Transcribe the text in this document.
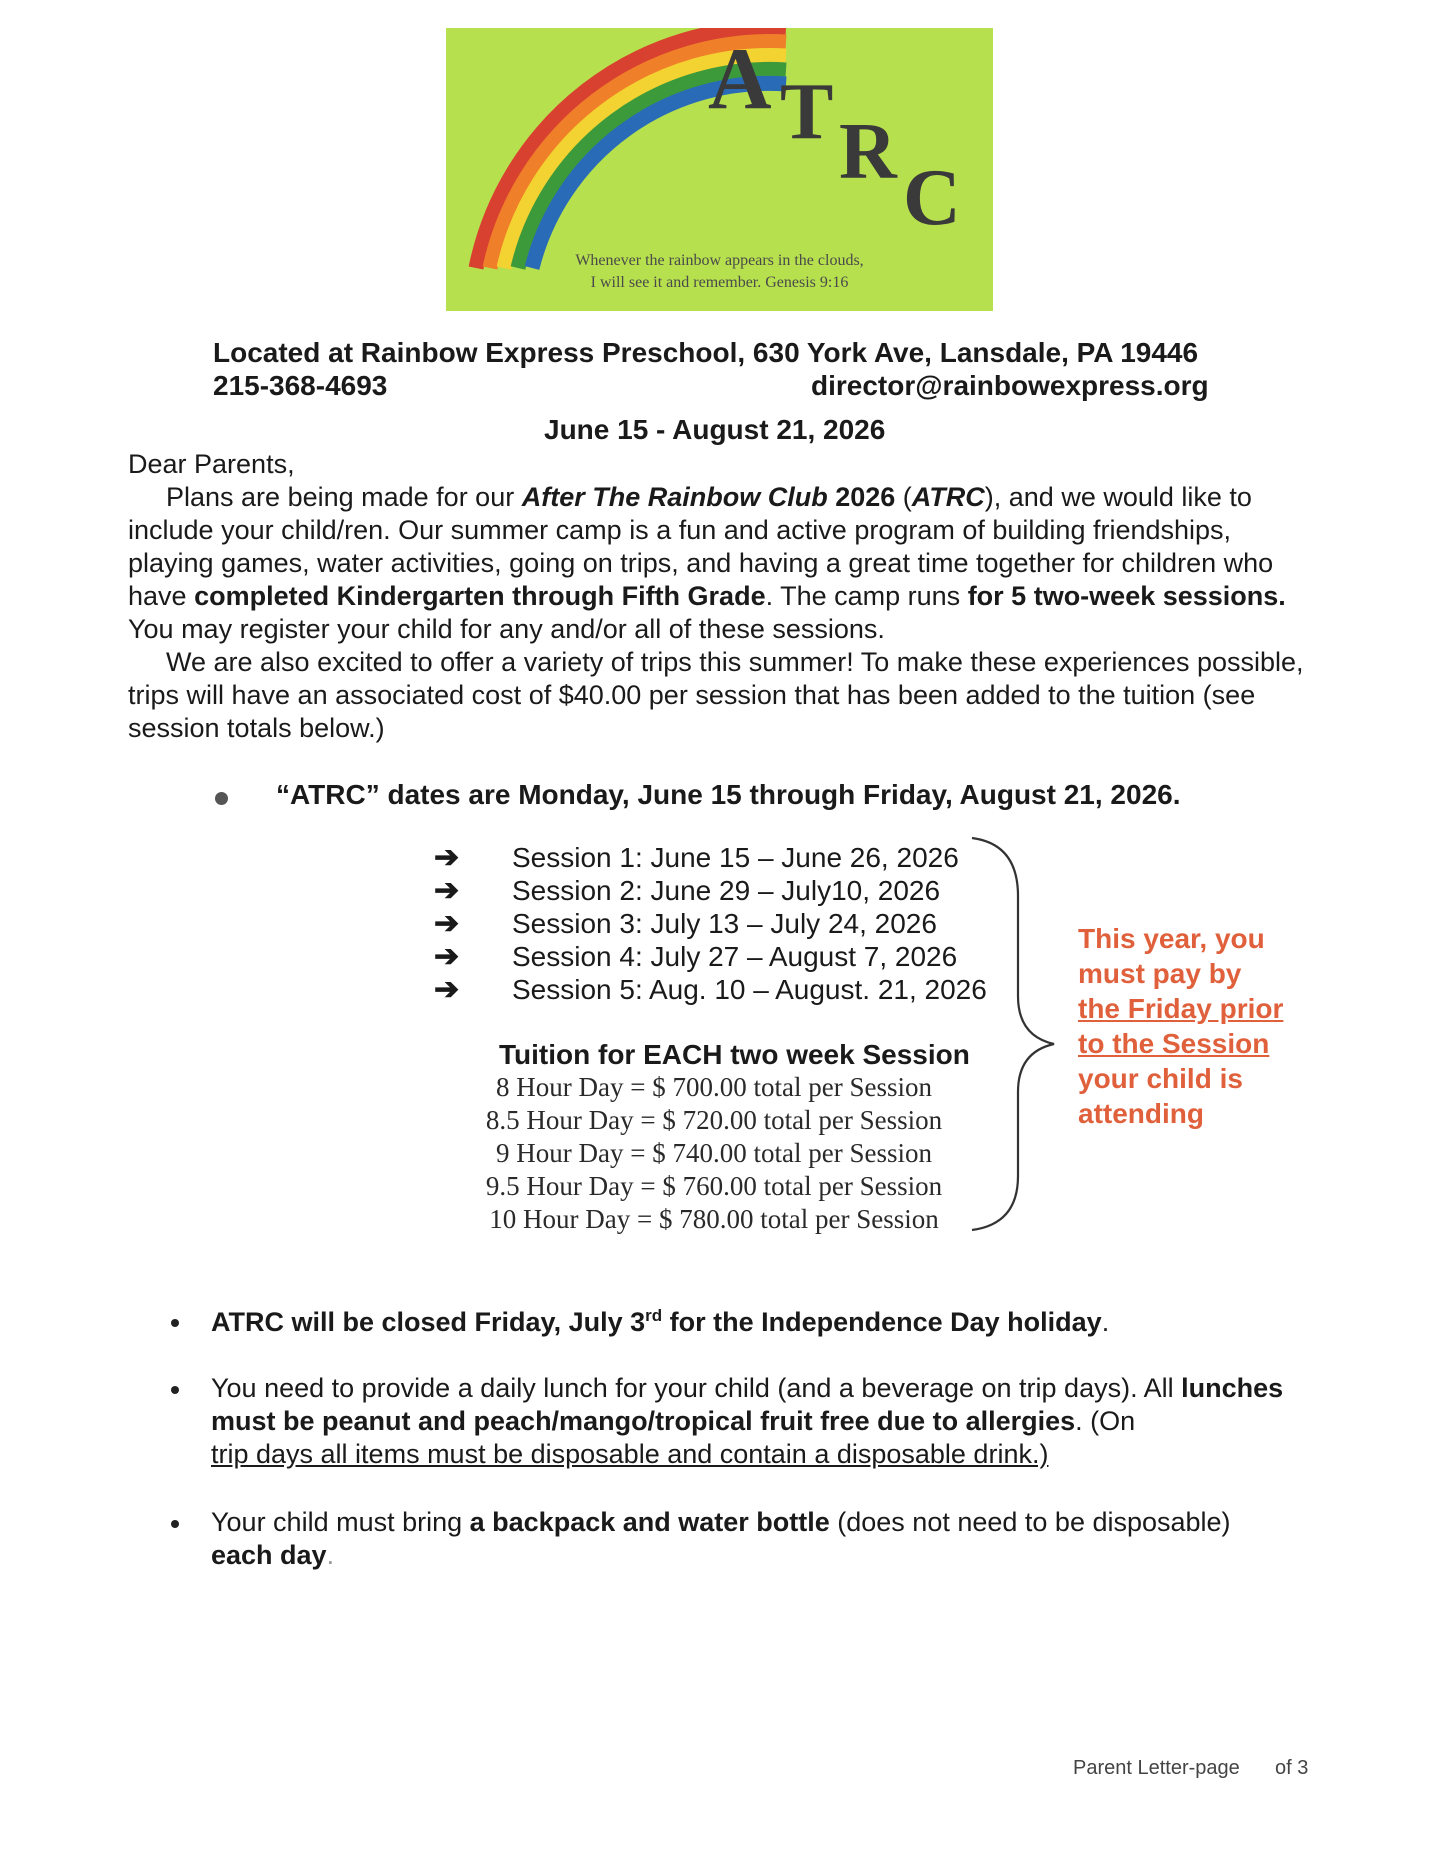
A T R
C
Whenever the rainbow appears in the clouds,
I will see it and remember. Genesis 9:16
Located at Rainbow Express Preschool, 630 York Ave, Lansdale, PA 19446
215-368-4693	director@rainbowexpress.org
June 15 - August 21, 2026
Dear Parents,
Plans are being made for our After The Rainbow Club 2026 (ATRC), and we would like to include your child/ren. Our summer camp is a fun and active program of building friendships, playing games, water activities, going on trips, and having a great time together for children who have completed Kindergarten through Fifth Grade. The camp runs for 5 two-week sessions. You may register your child for any and/or all of these sessions.
We are also excited to offer a variety of trips this summer! To make these experiences possible, trips will have an associated cost of $40.00 per session that has been added to the tuition (see session totals below.)
“ATRC” dates are Monday, June 15 through Friday, August 21, 2026.
➔ Session 1: June 15 – June 26, 2026
➔ Session 2: June 29 – July10, 2026
➔ Session 3: July 13 – July 24, 2026
➔ Session 4: July 27 – August 7, 2026
➔ Session 5: Aug. 10 – August. 21, 2026
Tuition for EACH two week Session
8 Hour Day = $ 700.00 total per Session
8.5 Hour Day = $ 720.00 total per Session
9 Hour Day = $ 740.00 total per Session
9.5 Hour Day = $ 760.00 total per Session
10 Hour Day = $ 780.00 total per Session
This year, you
must pay by
the Friday prior
to the Session
your child is
attending
ATRC will be closed Friday, July 3rd for the Independence Day holiday.
You need to provide a daily lunch for your child (and a beverage on trip days). All lunches must be peanut and peach/mango/tropical fruit free due to allergies. (On
trip days all items must be disposable and contain a disposable drink.)
Your child must bring a backpack and water bottle (does not need to be disposable)
each day.
Parent Letter-page of 3
